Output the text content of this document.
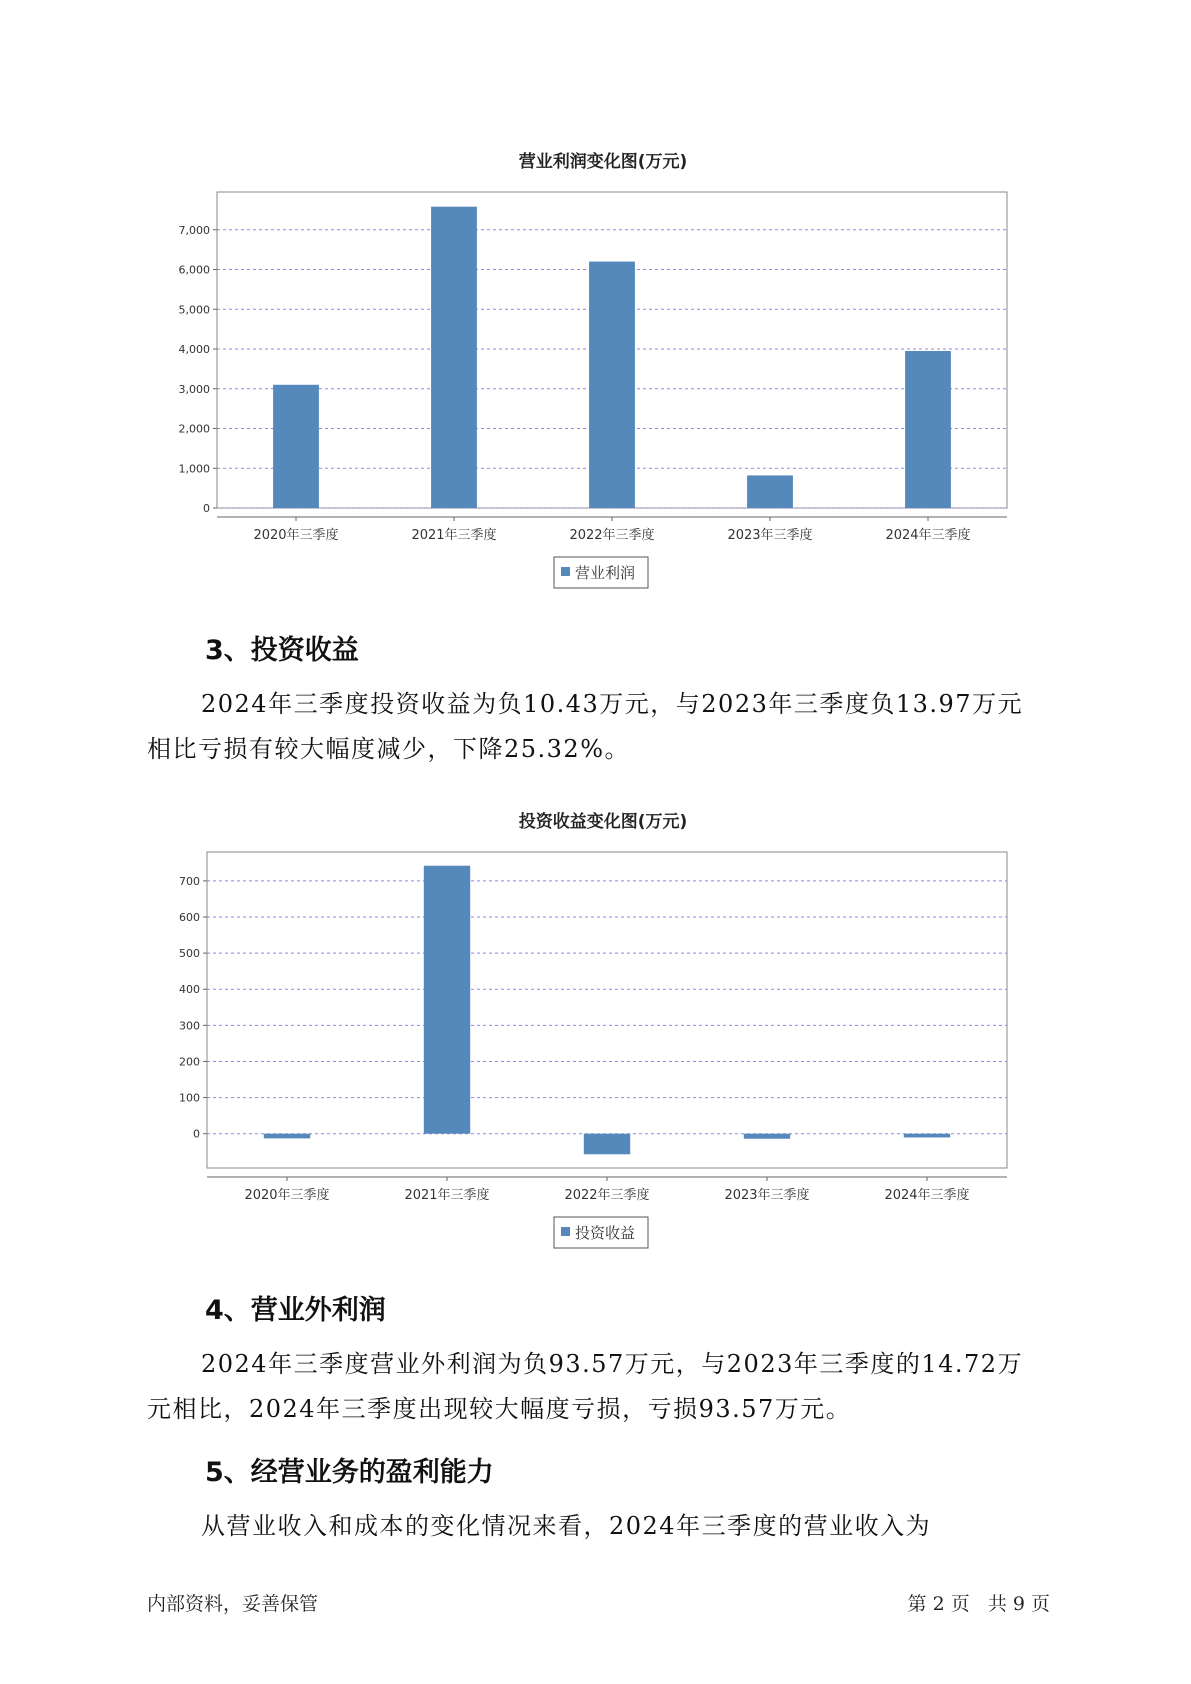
营业利润变化图(万元)
0
1,000
2,000
3,000
4,000
5,000
6,000
7,000
2020年三季度	2021年三季度	2022年三季度	2023年三季度	2024年三季度
营业利润
3、投资收益

2024年三季度投资收益为负10.43万元，与2023年三季度负13.97万元相比亏损有较大幅度减少，下降25.32%。

投资收益变化图(万元)
0
100
200
300
400
500
600
700
2020年三季度	2021年三季度	2022年三季度	2023年三季度	2024年三季度
投资收益
4、营业外利润

2024年三季度营业外利润为负93.57万元，与2023年三季度的14.72万元相比，2024年三季度出现较大幅度亏损，亏损93.57万元。

5、经营业务的盈利能力

从营业收入和成本的变化情况来看，2024年三季度的营业收入为

内部资料，妥善保管	第 2 页   共 9 页
